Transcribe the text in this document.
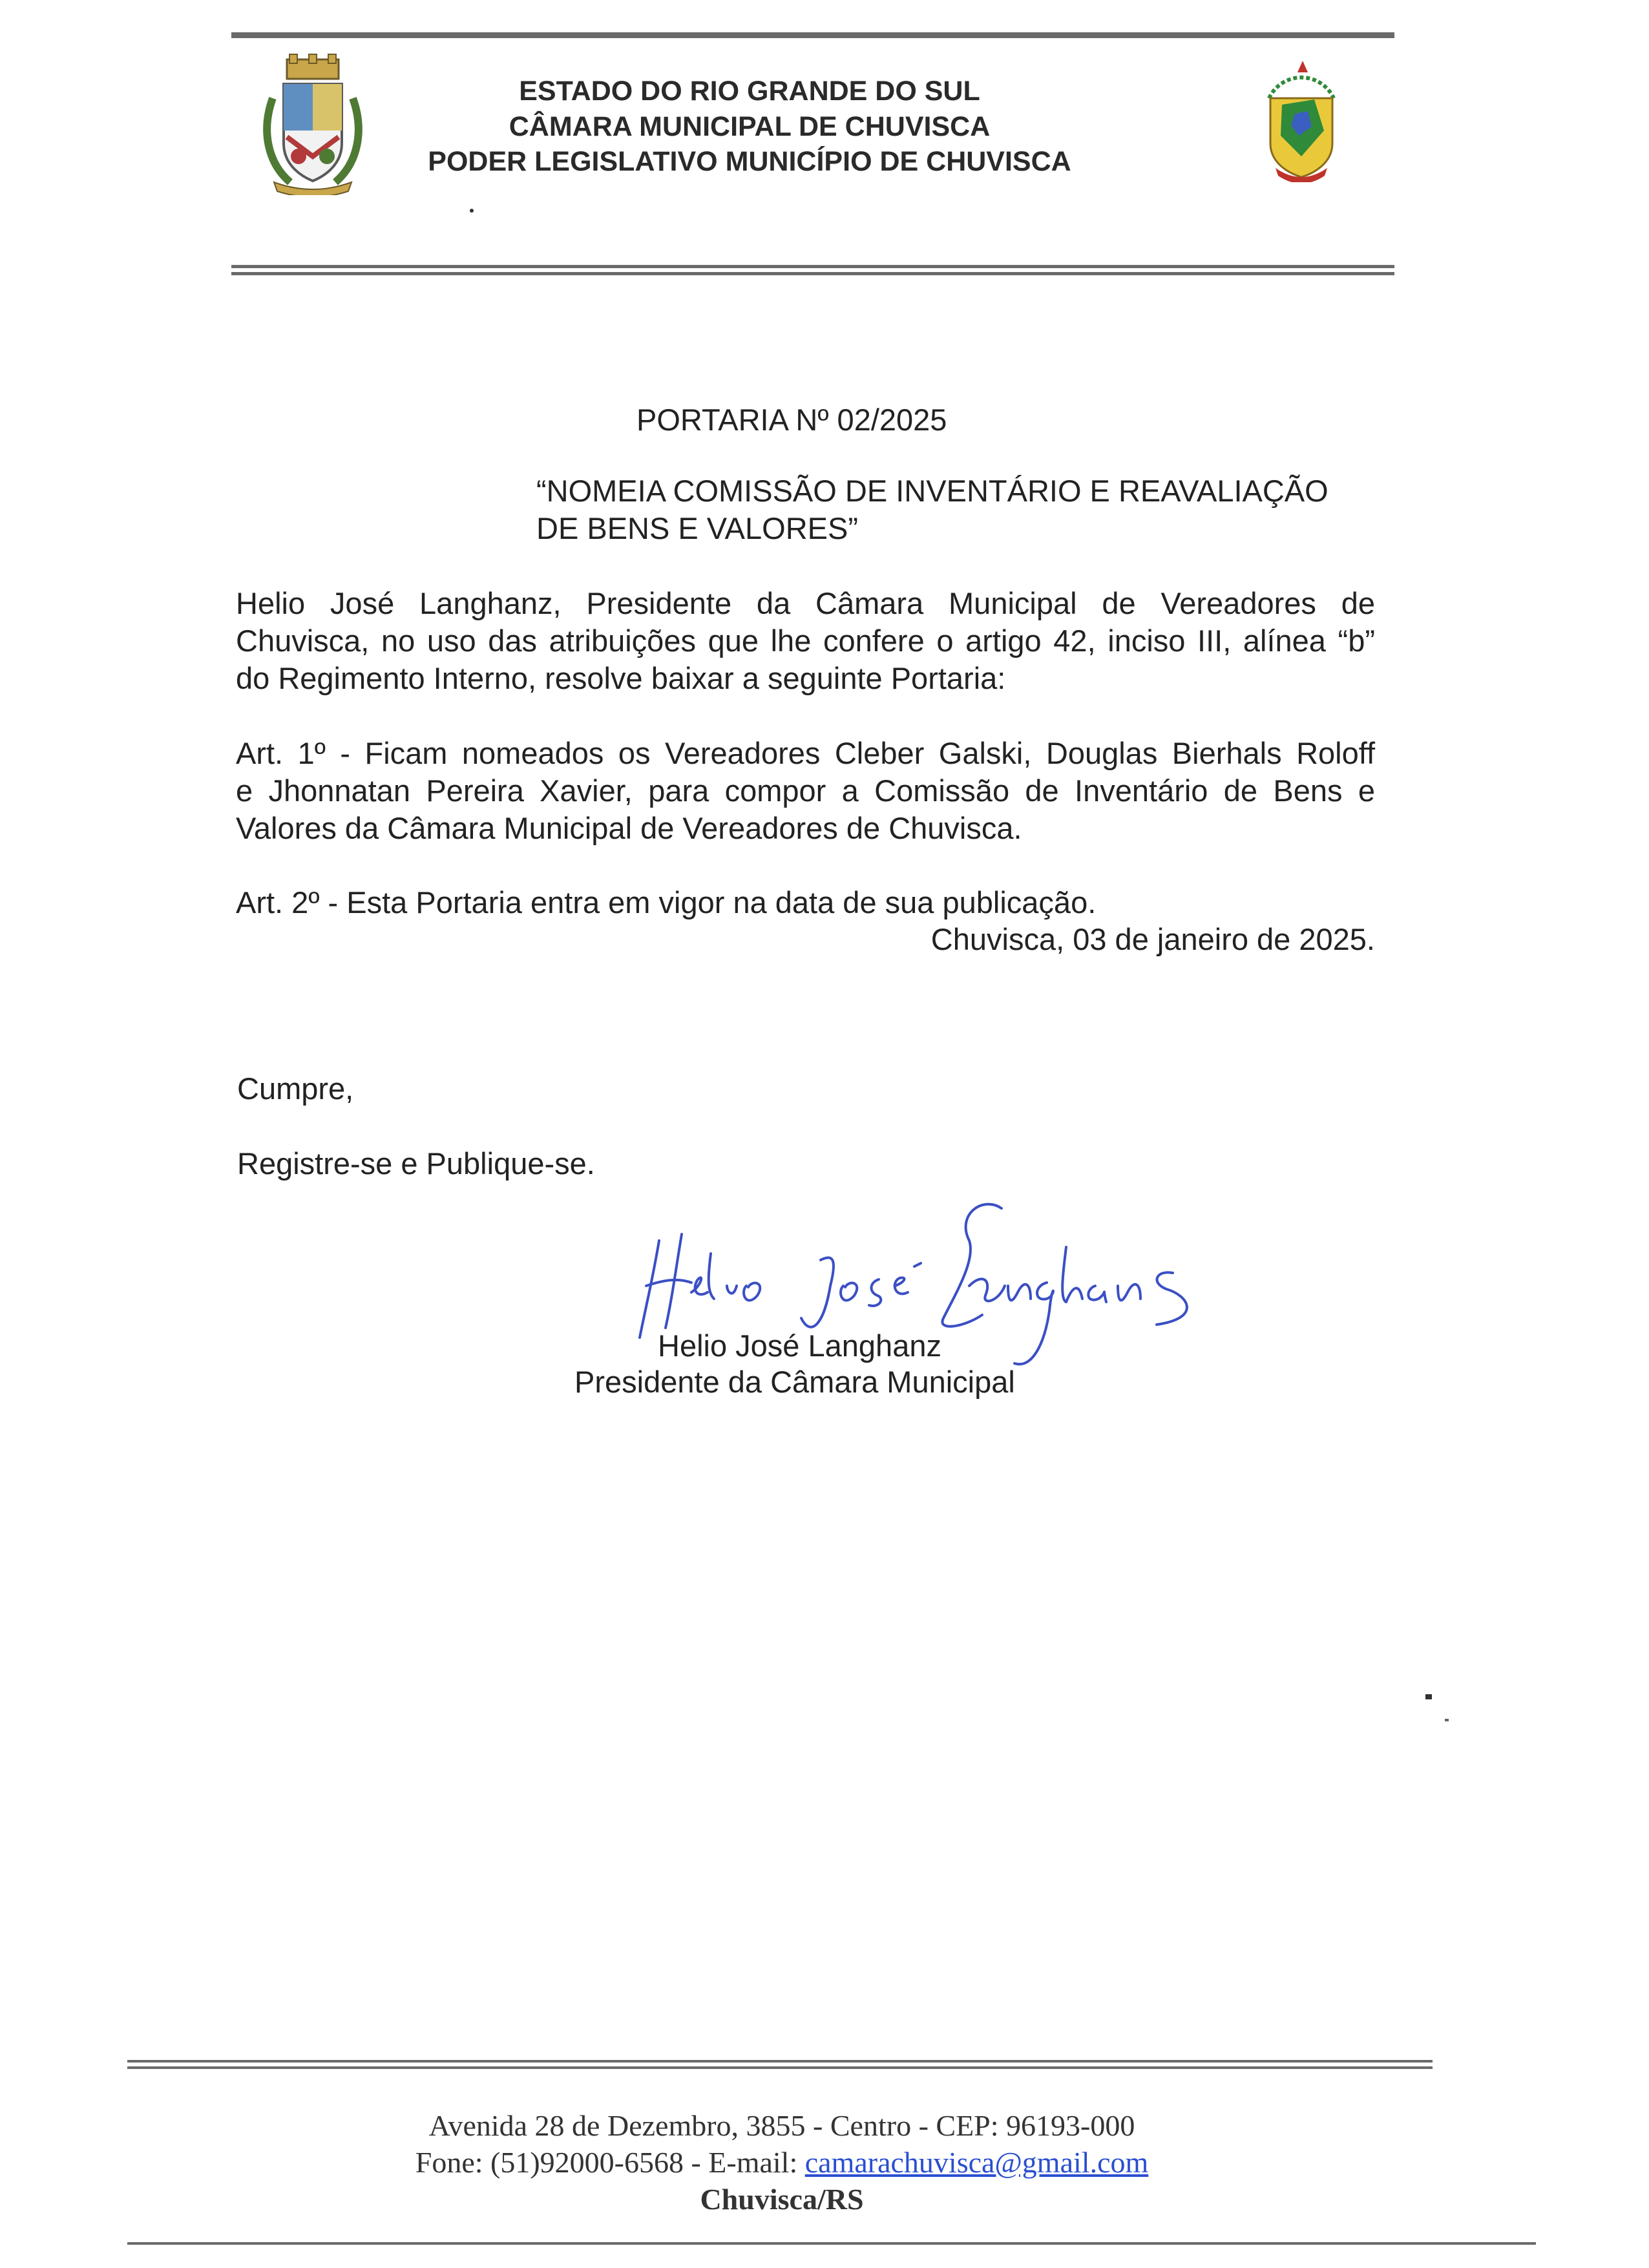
ESTADO DO RIO GRANDE DO SUL
CÂMARA MUNICIPAL DE CHUVISCA
PODER LEGISLATIVO MUNICÍPIO DE CHUVISCA
PORTARIA Nº 02/2025
“NOMEIA COMISSÃO DE INVENTÁRIO E REAVALIAÇÃO
DE BENS E VALORES”
Helio José Langhanz, Presidente da Câmara Municipal de Vereadores de
Chuvisca, no uso das atribuições que lhe confere o artigo 42, inciso III, alínea “b”
do Regimento Interno, resolve baixar a seguinte Portaria:
Art. 1º - Ficam nomeados os Vereadores Cleber Galski, Douglas Bierhals Roloff
e Jhonnatan Pereira Xavier, para compor a Comissão de Inventário de Bens e
Valores da Câmara Municipal de Vereadores de Chuvisca.
Art. 2º - Esta Portaria entra em vigor na data de sua publicação.
Chuvisca, 03 de janeiro de 2025.
Cumpre,
Registre-se e Publique-se.
Helio José Langhans
Helio José Langhanz
Presidente da Câmara Municipal
Avenida 28 de Dezembro, 3855 - Centro - CEP: 96193-000
Fone: (51)92000-6568 - E-mail: camarachuvisca@gmail.com
Chuvisca/RS
